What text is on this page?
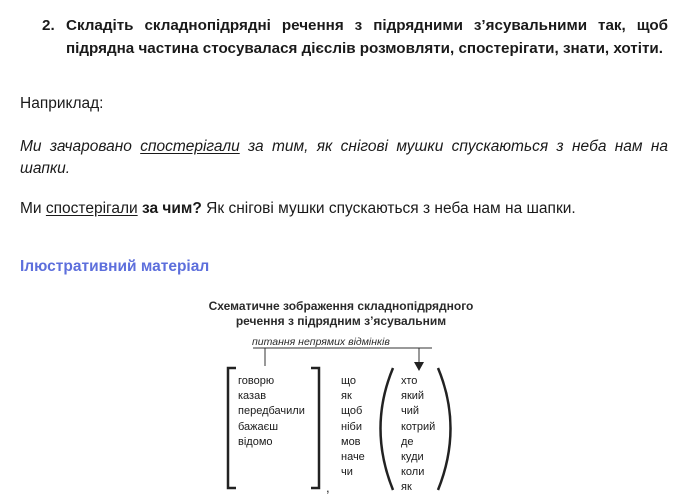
2. Складіть складнопідрядні речення з підрядними з’ясувальними так, щоб підрядна частина стосувалася дієслів розмовляти, спостерігати, знати, хотіти.
Наприклад:
Ми зачаровано спостерігали за тим, як снігові мушки спускаються з неба нам на шапки.
Ми спостерігали за чим? Як снігові мушки спускаються з неба нам на шапки.
Ілюстративний матеріал
Схематичне зображення складнопідрядного
речення з підрядним з’ясувальним
питання непрямих відмінків
,
говорю
казав
передбачили
бажаєш
відомо
що
як
щоб
ніби
мов
наче
чи
хто
який
чий
котрий
де
куди
коли
як
